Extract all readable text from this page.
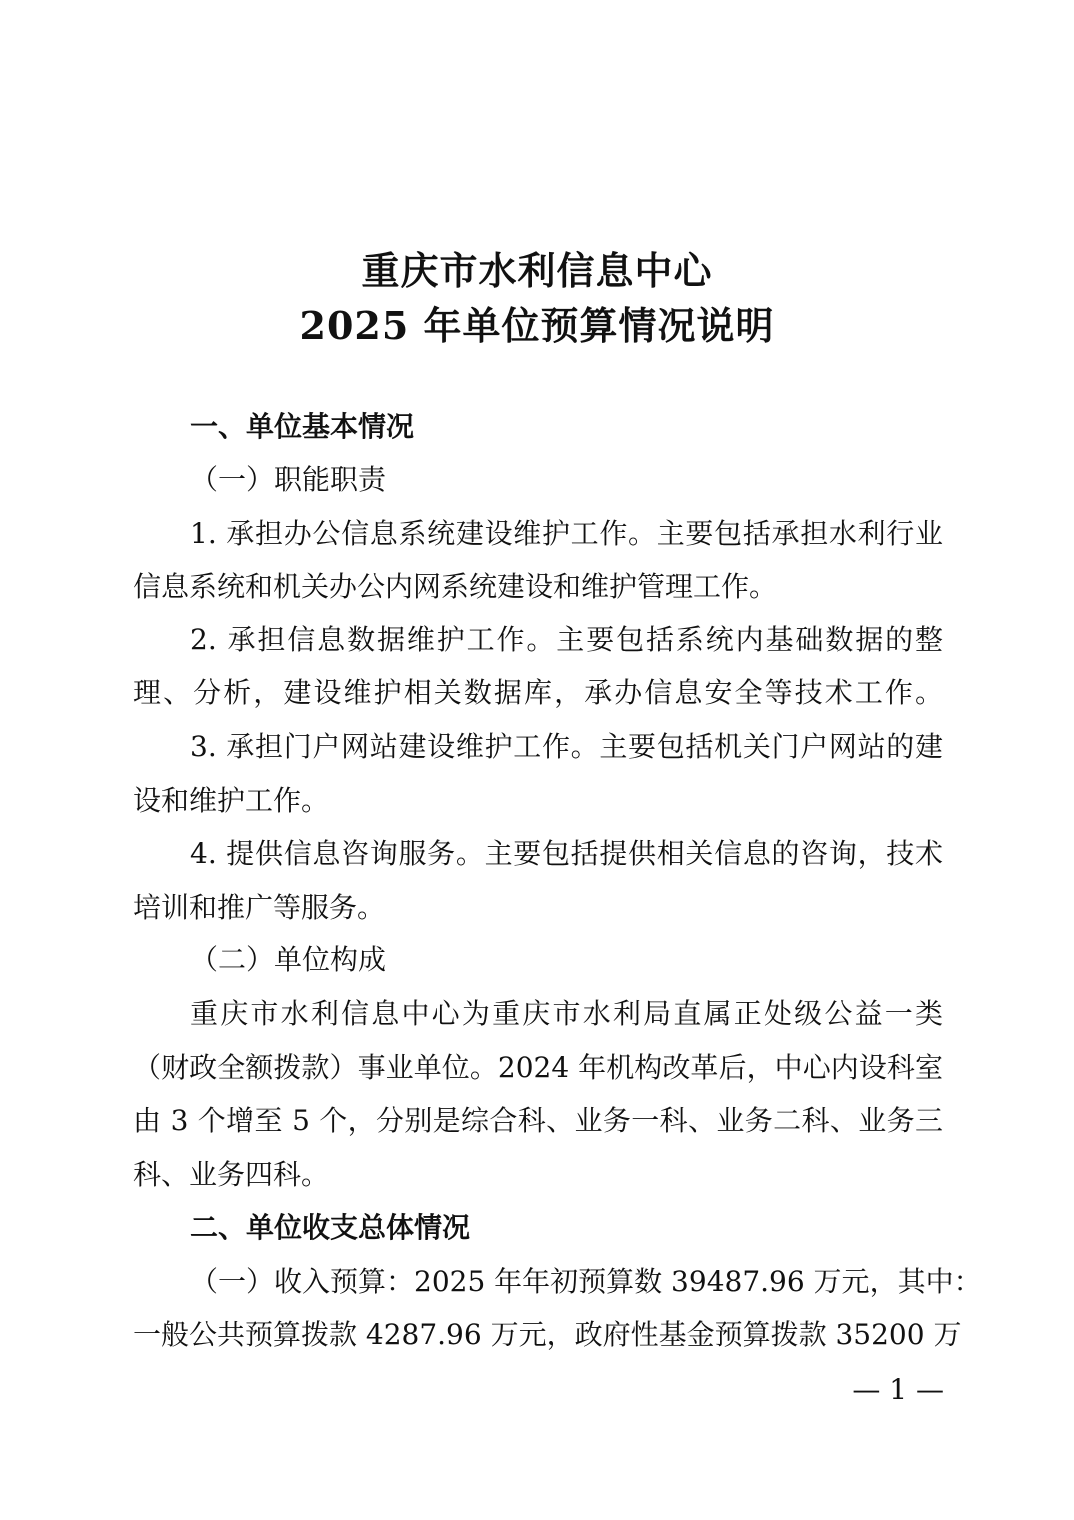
重庆市水利信息中心
2025 年单位预算情况说明
一、单位基本情况
（一）职能职责
1. 承担办公信息系统建设维护工作。主要包括承担水利行业
信息系统和机关办公内网系统建设和维护管理工作。
2. 承担信息数据维护工作。主要包括系统内基础数据的整
理、分析，建设维护相关数据库，承办信息安全等技术工作。
3. 承担门户网站建设维护工作。主要包括机关门户网站的建
设和维护工作。
4. 提供信息咨询服务。主要包括提供相关信息的咨询，技术
培训和推广等服务。
（二）单位构成
重庆市水利信息中心为重庆市水利局直属正处级公益一类
（财政全额拨款）事业单位。2024 年机构改革后，中心内设科室
由 3 个增至 5 个，分别是综合科、业务一科、业务二科、业务三
科、业务四科。
二、单位收支总体情况
（一）收入预算：2025 年年初预算数 39487.96 万元，其中：
一般公共预算拨款 4287.96 万元，政府性基金预算拨款 35200 万
— 1 —
